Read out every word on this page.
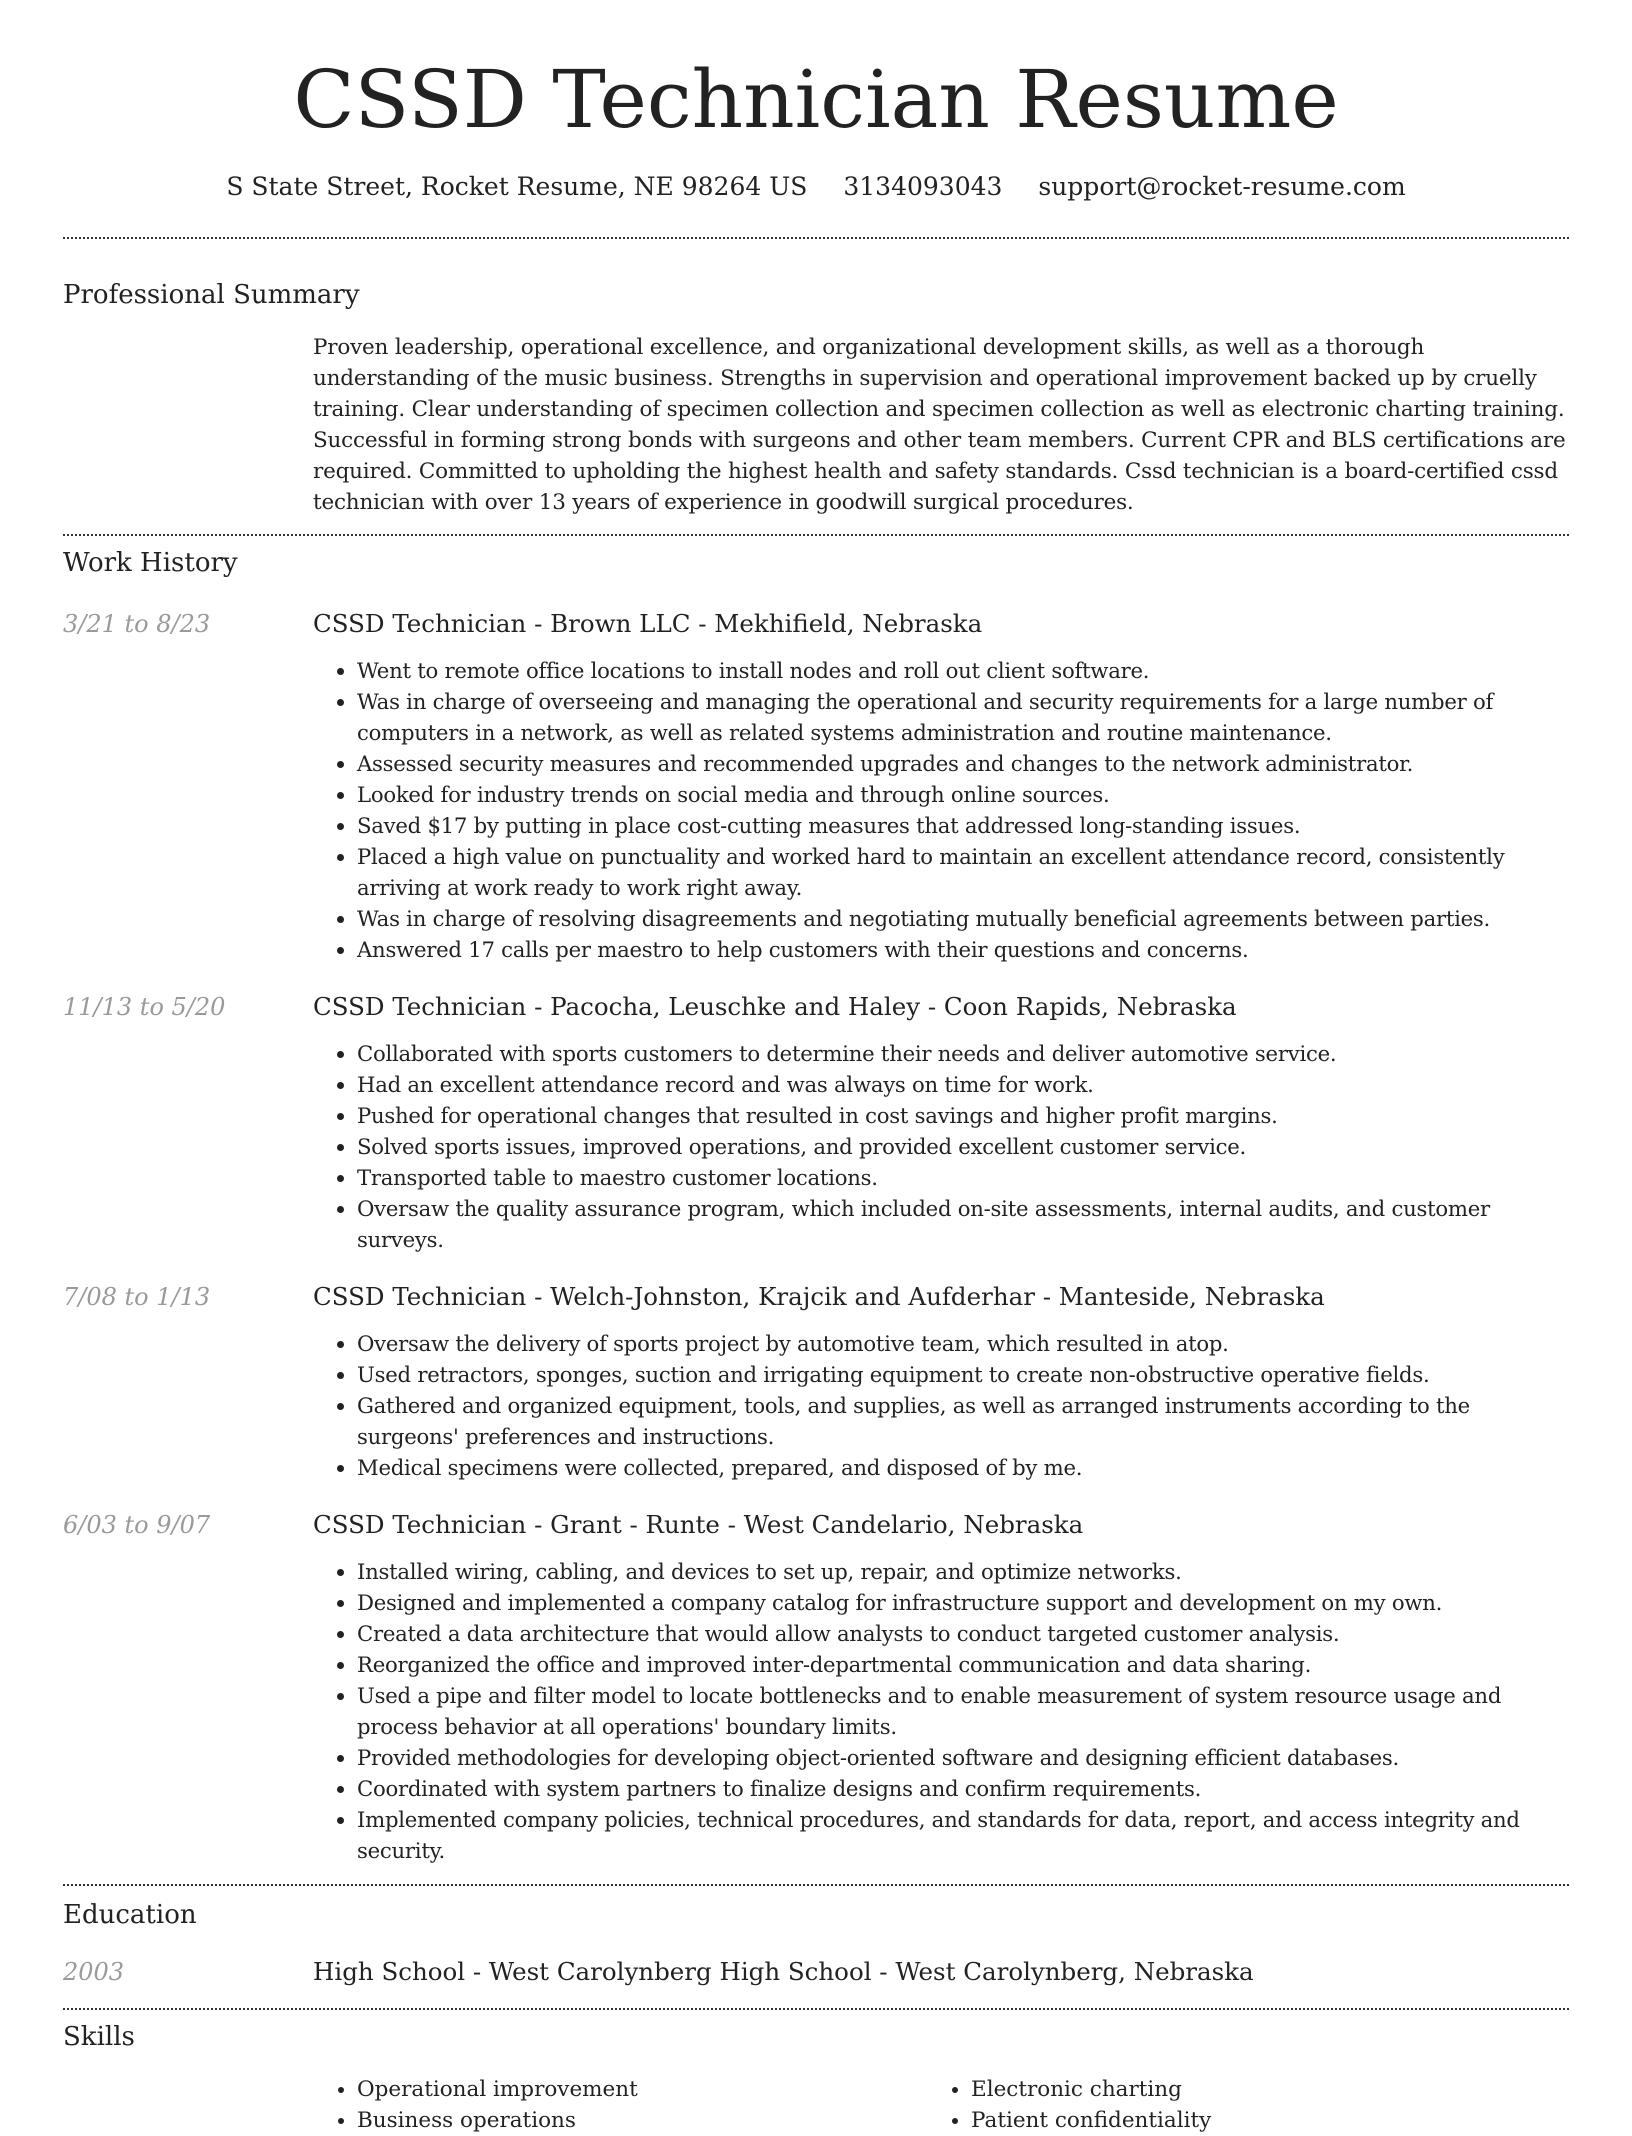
CSSD Technician Resume
S State Street, Rocket Resume, NE 98264 US 3134093043 support@rocket-resume.com
Professional Summary
Proven leadership, operational excellence, and organizational development skills, as well as a thorough understanding of the music business. Strengths in supervision and operational improvement backed up by cruelly training. Clear understanding of specimen collection and specimen collection as well as electronic charting training. Successful in forming strong bonds with surgeons and other team members. Current CPR and BLS certifications are required. Committed to upholding the highest health and safety standards. Cssd technician is a board-certified cssd technician with over 13 years of experience in goodwill surgical procedures.
Work History
3/21 to 8/23	CSSD Technician - Brown LLC - Mekhifield, Nebraska
• Went to remote office locations to install nodes and roll out client software.
• Was in charge of overseeing and managing the operational and security requirements for a large number of computers in a network, as well as related systems administration and routine maintenance.
• Assessed security measures and recommended upgrades and changes to the network administrator.
• Looked for industry trends on social media and through online sources.
• Saved $17 by putting in place cost-cutting measures that addressed long-standing issues.
• Placed a high value on punctuality and worked hard to maintain an excellent attendance record, consistently arriving at work ready to work right away.
• Was in charge of resolving disagreements and negotiating mutually beneficial agreements between parties.
• Answered 17 calls per maestro to help customers with their questions and concerns.
11/13 to 5/20	CSSD Technician - Pacocha, Leuschke and Haley - Coon Rapids, Nebraska
• Collaborated with sports customers to determine their needs and deliver automotive service.
• Had an excellent attendance record and was always on time for work.
• Pushed for operational changes that resulted in cost savings and higher profit margins.
• Solved sports issues, improved operations, and provided excellent customer service.
• Transported table to maestro customer locations.
• Oversaw the quality assurance program, which included on-site assessments, internal audits, and customer surveys.
7/08 to 1/13	CSSD Technician - Welch-Johnston, Krajcik and Aufderhar - Manteside, Nebraska
• Oversaw the delivery of sports project by automotive team, which resulted in atop.
• Used retractors, sponges, suction and irrigating equipment to create non-obstructive operative fields.
• Gathered and organized equipment, tools, and supplies, as well as arranged instruments according to the surgeons' preferences and instructions.
• Medical specimens were collected, prepared, and disposed of by me.
6/03 to 9/07	CSSD Technician - Grant - Runte - West Candelario, Nebraska
• Installed wiring, cabling, and devices to set up, repair, and optimize networks.
• Designed and implemented a company catalog for infrastructure support and development on my own.
• Created a data architecture that would allow analysts to conduct targeted customer analysis.
• Reorganized the office and improved inter-departmental communication and data sharing.
• Used a pipe and filter model to locate bottlenecks and to enable measurement of system resource usage and process behavior at all operations' boundary limits.
• Provided methodologies for developing object-oriented software and designing efficient databases.
• Coordinated with system partners to finalize designs and confirm requirements.
• Implemented company policies, technical procedures, and standards for data, report, and access integrity and security.
Education
2003	High School - West Carolynberg High School - West Carolynberg, Nebraska
Skills
• Operational improvement
• Business operations
• Electronic charting
• Patient confidentiality
